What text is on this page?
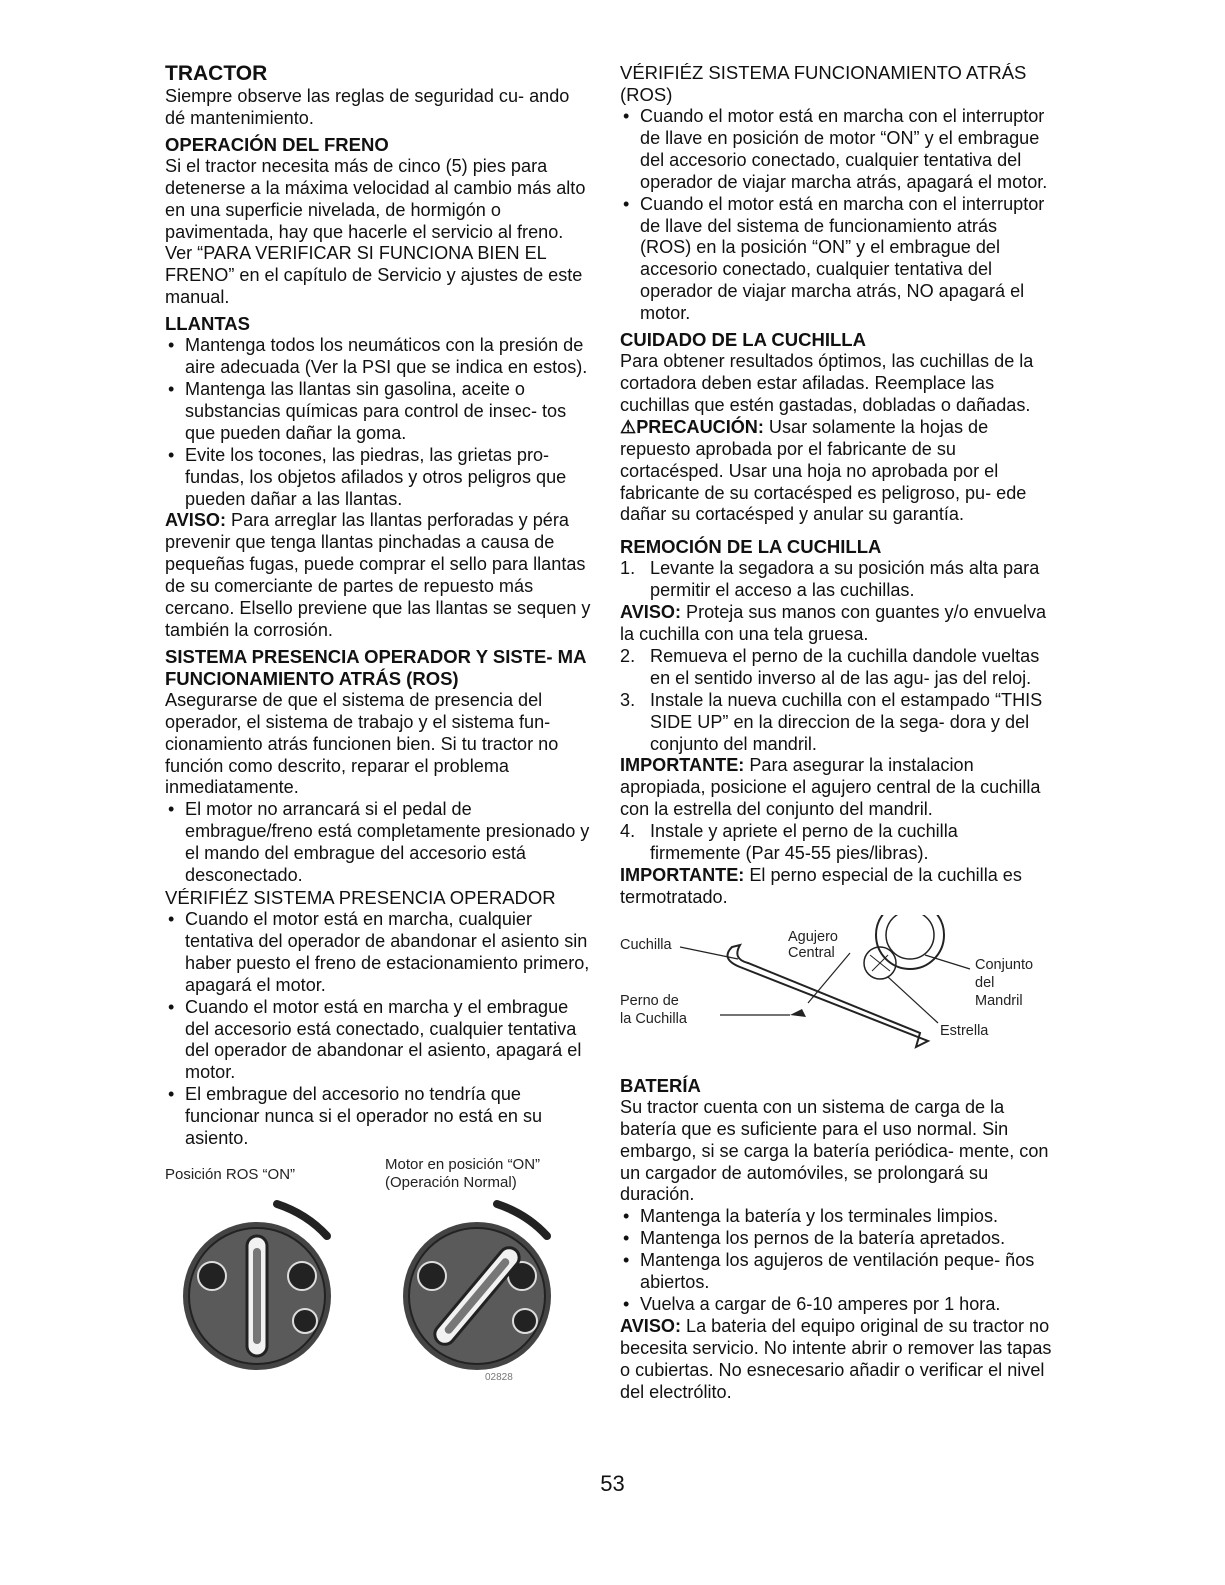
TRACTOR

Siempre observe las reglas de seguridad cu- ando dé mantenimiento.

OPERACIÓN DEL FRENO

Si el tractor necesita más de cinco (5) pies para detenerse a la máxima velocidad al cambio más alto en una superficie nivelada, de hormigón o pavimentada, hay que hacerle el servicio al freno. Ver “PARA VERIFICAR SI FUNCIONA BIEN EL FRENO” en el capítulo de Servicio y ajustes de este manual.

LLANTAS
• Mantenga todos los neumáticos con la presión de aire adecuada (Ver la PSI que se indica en estos).
• Mantenga las llantas sin gasolina, aceite o substancias químicas para control de insec- tos que pueden dañar la goma.
• Evite los tocones, las piedras, las grietas pro- fundas, los objetos afilados y otros peligros que pueden dañar a las llantas.

AVISO: Para arreglar las llantas perforadas y péra prevenir que tenga llantas pinchadas a causa de pequeñas fugas, puede comprar el sello para llantas de su comerciante de partes de repuesto más cercano. Elsello previene que las llantas se sequen y también la corrosión.

SISTEMA PRESENCIA OPERADOR Y SISTE- MA FUNCIONAMIENTO ATRÁS (ROS)

Asegurarse de que el sistema de presencia del operador, el sistema de trabajo y el sistema fun- cionamiento atrás funcionen bien. Si tu tractor no función como descrito, reparar el problema inmediatamente.

• El motor no arrancará si el pedal de embrague/freno está completamente presionado y el mando del embrague del accesorio está desconectado.

VÉRIFIÉZ SISTEMA PRESENCIA OPERADOR

• Cuando el motor está en marcha, cualquier tentativa del operador de abandonar el asiento sin haber puesto el freno de estacionamiento primero, apagará el motor.
• Cuando el motor está en marcha y el embrague del accesorio está conectado, cualquier tentativa del operador de abandonar el asiento, apagará el motor.
• El embrague del accesorio no tendría que funcionar nunca si el operador no está en su asiento.
Posición ROS “ON”
Motor en posición “ON”
(Operación Normal)
02828

VÉRIFIÉZ SISTEMA FUNCIONAMIENTO ATRÁS (ROS)

• Cuando el motor está en marcha con el interruptor de llave en posición de motor “ON” y el embrague del accesorio conectado, cualquier tentativa del operador de viajar marcha atrás, apagará el motor.
• Cuando el motor está en marcha con el interruptor de llave del sistema de funcionamiento atrás (ROS) en la posición “ON” y el embrague del accesorio conectado, cualquier tentativa del operador de viajar marcha atrás, NO apagará el motor.
CUIDADO DE LA CUCHILLA

Para obtener resultados óptimos, las cuchillas de la cortadora deben estar afiladas. Reemplace las cuchillas que estén gastadas, dobladas o dañadas.

⚠PRECAUCIÓN: Usar solamente la hojas de repuesto aprobada por el fabricante de su cortacésped. Usar una hoja no aprobada por el fabricante de su cortacésped es peligroso, pu- ede dañar su cortacésped y anular su garantía.

REMOCIÓN DE LA CUCHILLA
1. Levante la segadora a su posición más alta para permitir el acceso a las cuchillas.

AVISO: Proteja sus manos con guantes y/o envuelva la cuchilla con una tela gruesa.

2. Remueva el perno de la cuchilla dandole vueltas en el sentido inverso al de las agu- jas del reloj.
3. Instale la nueva cuchilla con el estampado “THIS SIDE UP” en la direccion de la sega- dora y del conjunto del mandril.

IMPORTANTE: Para asegurar la instalacion apropiada, posicione el agujero central de la cuchilla con la estrella del conjunto del mandril.

4. Instale y apriete el perno de la cuchilla firmemente (Par 45-55 pies/libras).

IMPORTANTE: El perno especial de la cuchilla es termotratado.

Cuchilla	Agujero
Central
Conjunto
del
Mandril
Perno de
la Cuchilla
Estrella
BATERÍA

Su tractor cuenta con un sistema de carga de la batería que es suficiente para el uso normal. Sin embargo, si se carga la batería periódica- mente, con un cargador de automóviles, se prolongará su duración.

• Mantenga la batería y los terminales limpios.
• Mantenga los pernos de la batería apretados.
• Mantenga los agujeros de ventilación peque- ños abiertos.
• Vuelva a cargar de 6-10 amperes por 1 hora.

AVISO: La bateria del equipo original de su tractor no becesita servicio. No intente abrir o remover las tapas o cubiertas. No esnecesario añadir o verificar el nivel del electrólito.

53
